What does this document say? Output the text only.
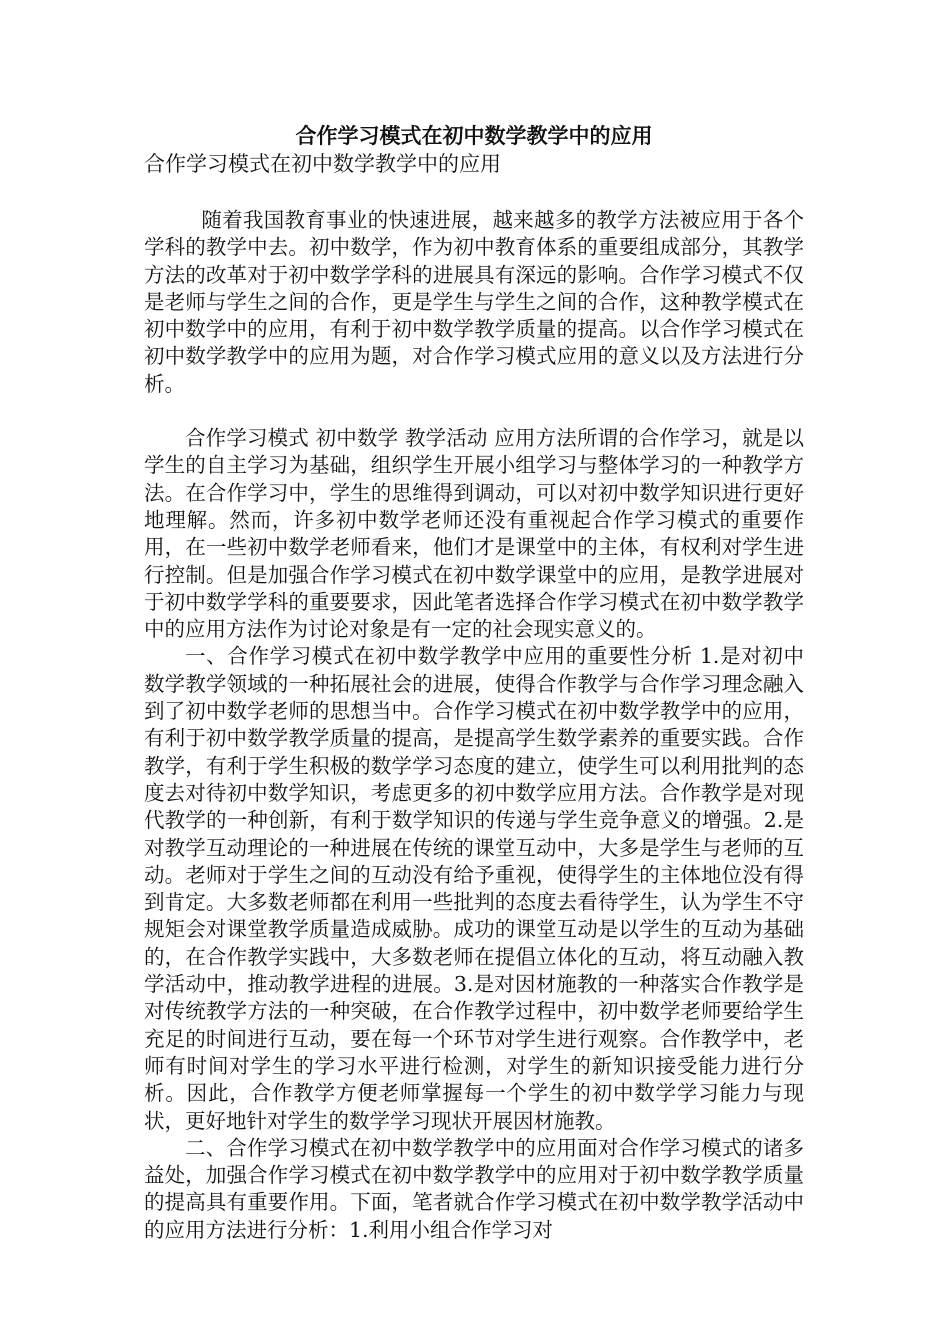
合作学习模式在初中数学教学中的应用

合作学习模式在初中数学教学中的应用

随着我国教育事业的快速进展，越来越多的教学方法被应用于各个学科的教学中去。初中数学，作为初中教育体系的重要组成部分，其教学方法的改革对于初中数学学科的进展具有深远的影响。合作学习模式不仅是老师与学生之间的合作，更是学生与学生之间的合作，这种教学模式在初中数学中的应用，有利于初中数学教学质量的提高。以合作学习模式在初中数学教学中的应用为题，对合作学习模式应用的意义以及方法进行分析。

合作学习模式 初中数学 教学活动 应用方法所谓的合作学习，就是以学生的自主学习为基础，组织学生开展小组学习与整体学习的一种教学方法。在合作学习中，学生的思维得到调动，可以对初中数学知识进行更好地理解。然而，许多初中数学老师还没有重视起合作学习模式的重要作用，在一些初中数学老师看来，他们才是课堂中的主体，有权利对学生进行控制。但是加强合作学习模式在初中数学课堂中的应用，是教学进展对于初中数学学科的重要要求，因此笔者选择合作学习模式在初中数学教学中的应用方法作为讨论对象是有一定的社会现实意义的。

一、合作学习模式在初中数学教学中应用的重要性分析 1.是对初中数学教学领域的一种拓展社会的进展，使得合作教学与合作学习理念融入到了初中数学老师的思想当中。合作学习模式在初中数学教学中的应用，有利于初中数学教学质量的提高，是提高学生数学素养的重要实践。合作教学，有利于学生积极的数学学习态度的建立，使学生可以利用批判的态度去对待初中数学知识，考虑更多的初中数学应用方法。合作教学是对现代教学的一种创新，有利于数学知识的传递与学生竞争意义的增强。2.是对教学互动理论的一种进展在传统的课堂互动中，大多是学生与老师的互动。老师对于学生之间的互动没有给予重视，使得学生的主体地位没有得到肯定。大多数老师都在利用一些批判的态度去看待学生，认为学生不守规矩会对课堂教学质量造成威胁。成功的课堂互动是以学生的互动为基础的，在合作教学实践中，大多数老师在提倡立体化的互动，将互动融入教学活动中，推动教学进程的进展。3.是对因材施教的一种落实合作教学是对传统教学方法的一种突破，在合作教学过程中，初中数学老师要给学生充足的时间进行互动，要在每一个环节对学生进行观察。合作教学中，老师有时间对学生的学习水平进行检测，对学生的新知识接受能力进行分析。因此，合作教学方便老师掌握每一个学生的初中数学学习能力与现状，更好地针对学生的数学学习现状开展因材施教。

二、合作学习模式在初中数学教学中的应用面对合作学习模式的诸多益处，加强合作学习模式在初中数学教学中的应用对于初中数学教学质量的提高具有重要作用。下面，笔者就合作学习模式在初中数学教学活动中的应用方法进行分析：1.利用小组合作学习对
